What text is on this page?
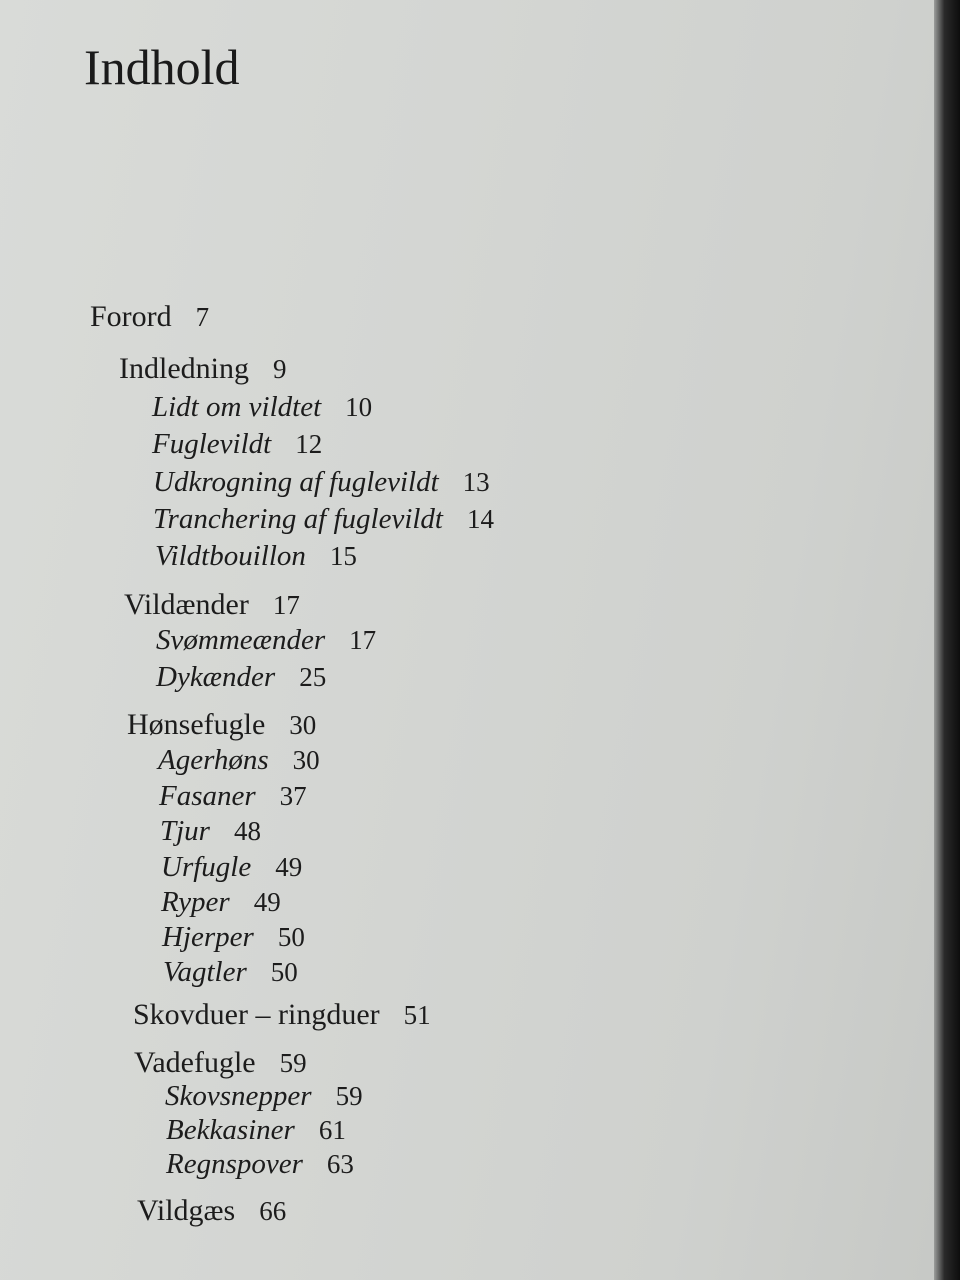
Indhold
Forord 7
Indledning 9
Lidt om vildtet 10
Fuglevildt 12
Udkrogning af fuglevildt 13
Tranchering af fuglevildt 14
Vildtbouillon 15
Vildænder 17
Svømmeænder 17
Dykænder 25
Hønsefugle 30
Agerhøns 30
Fasaner 37
Tjur 48
Urfugle 49
Ryper 49
Hjerper 50
Vagtler 50
Skovduer – ringduer 51
Vadefugle 59
Skovsnepper 59
Bekkasiner 61
Regnspover 63
Vildgæs 66
